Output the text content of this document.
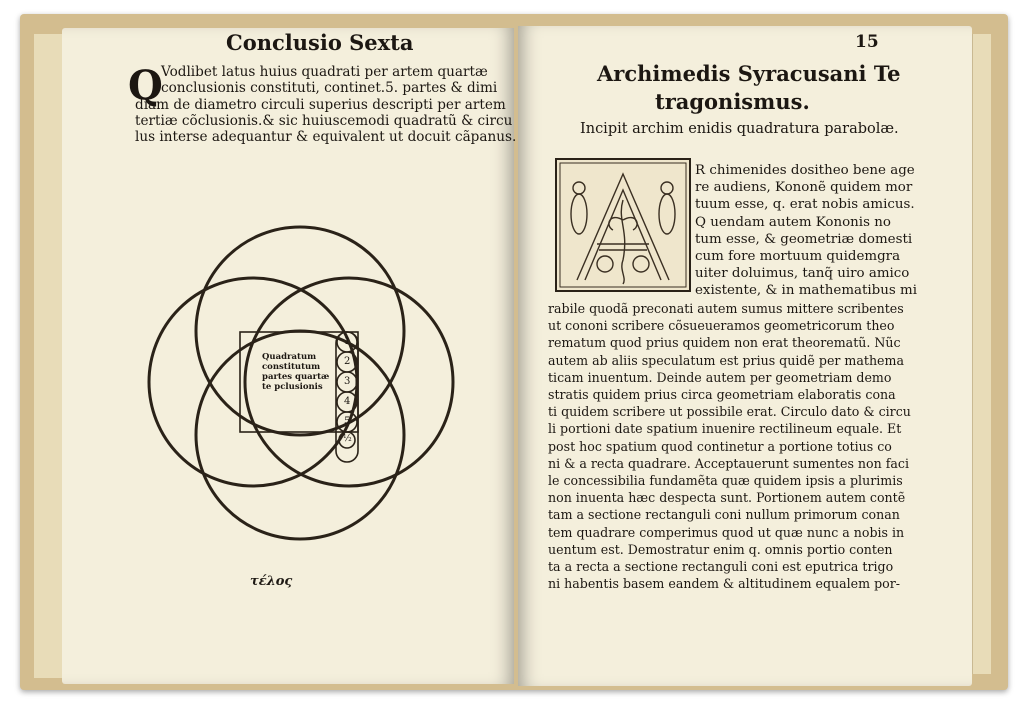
Conclusio Sexta
Q
Vodlibet latus huius quadrati per artem quartæ
conclusionis constituti, continet.5. partes & dimi
diam de diametro circuli superius descripti per artem
tertiæ cõclusionis.& sic huiuscemodi quadratũ & circu
lus interse adequantur & equivalent ut docuit cãpanus.
Quadratum
constitutum
partes quartæ
te pclusionis
1
2
3
4
5
½
τέλος
15
Archimedis Syracusani Te
tragonismus.
Incipit archim enidis quadratura parabolæ.
R chimenides dositheo bene age
re audiens, Kononẽ quidem mor
tuum esse, q. erat nobis amicus.
Q uendam autem Kononis no
tum esse, & geometriæ domesti
cum fore mortuum quidemgra
uiter doluimus, tanq̃ uiro amico
existente, & in mathematibus mi
rabile quodã preconati autem sumus mittere scribentes
ut cononi scribere cõsueueramos geometricorum theo
rematum quod prius quidem non erat theorematũ. Nũc
autem ab aliis speculatum est prius quidẽ per mathema
ticam inuentum. Deinde autem per geometriam demo
stratis quidem prius circa geometriam elaboratis cona
ti quidem scribere ut possibile erat. Circulo dato & circu
li portioni date spatium inuenire rectilineum equale. Et
post hoc spatium quod continetur a portione totius co
ni & a recta quadrare. Acceptauerunt sumentes non faci
le concessibilia fundamẽta quæ quidem ipsis a plurimis
non inuenta hæc despecta sunt. Portionem autem contẽ
tam a sectione rectanguli coni nullum primorum conan
tem quadrare comperimus quod ut quæ nunc a nobis in
uentum est. Demostratur enim q. omnis portio conten
ta a recta a sectione rectanguli coni est eputrica trigo
ni habentis basem eandem & altitudinem equalem por-
